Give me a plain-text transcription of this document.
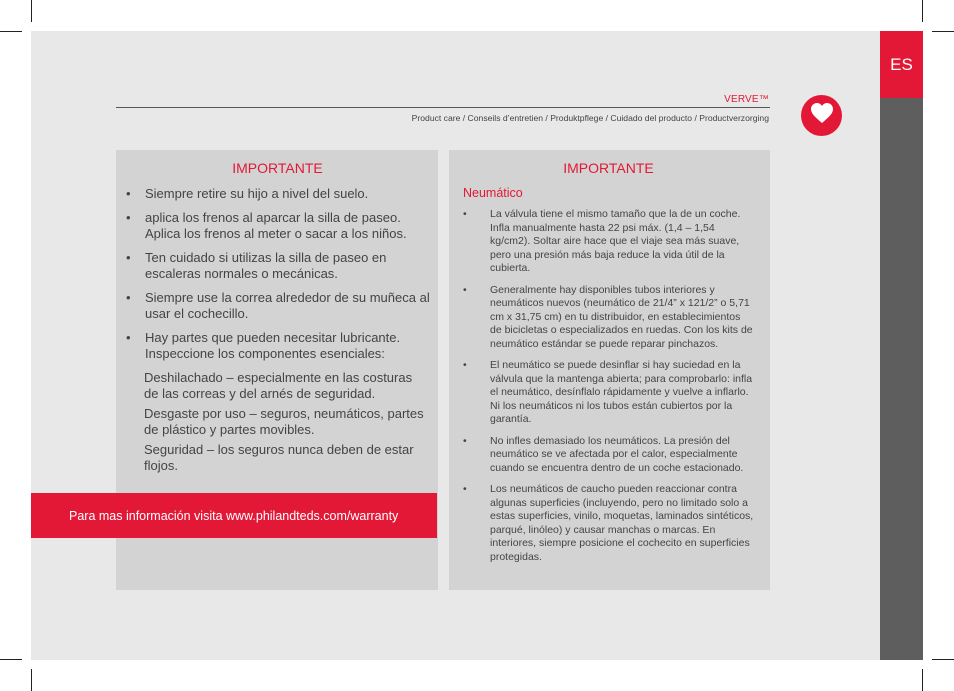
ES
VERVE™
Product care / Conseils d’entretien / Produktpflege / Cuidado del producto / Productverzorging
IMPORTANTE
• Siempre retire su hijo a nivel del suelo.
• aplica los frenos al aparcar la silla de paseo. Aplica los frenos al meter o sacar a los niños.
• Ten cuidado si utilizas la silla de paseo en escaleras normales o mecánicas.
• Siempre use la correa alrededor de su muñeca al usar el cochecillo.
• Hay partes que pueden necesitar lubricante. Inspeccione los componentes esenciales:
Deshilachado – especialmente en las costuras de las correas y del arnés de seguridad.
Desgaste por uso – seguros, neumáticos, partes de plástico y partes movibles.
Seguridad – los seguros nunca deben de estar flojos.
Para mas información visita www.philandteds.com/warranty
IMPORTANTE
Neumático
• La válvula tiene el mismo tamaño que la de un coche. Infla manualmente hasta 22 psi máx. (1,4 – 1,54 kg/cm2). Soltar aire hace que el viaje sea más suave, pero una presión más baja reduce la vida útil de la cubierta.
• Generalmente hay disponibles tubos interiores y neumáticos nuevos (neumático de 21/4” x 121/2” o 5,71 cm x 31,75 cm) en tu distribuidor, en establecimientos de bicicletas o especializados en ruedas. Con los kits de neumático estándar se puede reparar pinchazos.
• El neumático se puede desinflar si hay suciedad en la válvula que la mantenga abierta; para comprobarlo: infla el neumático, desínflalo rápidamente y vuelve a inflarlo. Ni los neumáticos ni los tubos están cubiertos por la garantía.
• No infles demasiado los neumáticos. La presión del neumático se ve afectada por el calor, especialmente cuando se encuentra dentro de un coche estacionado.
• Los neumáticos de caucho pueden reaccionar contra algunas superficies (incluyendo, pero no limitado solo a estas superficies, vinilo, moquetas, laminados sintéticos, parqué, linóleo) y causar manchas o marcas. En interiores, siempre posicione el cochecito en superficies protegidas.
